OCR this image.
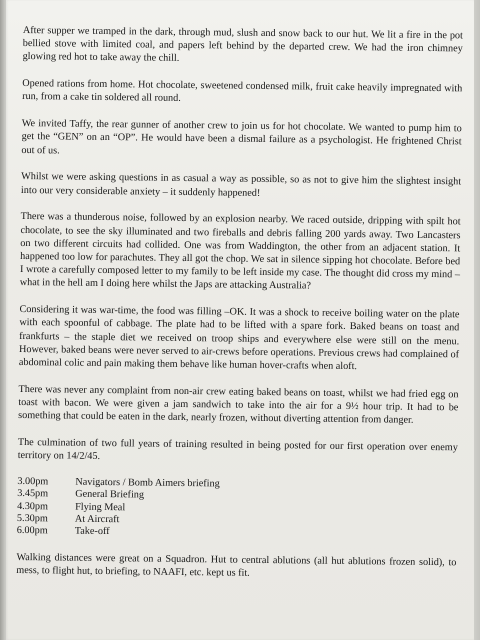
After supper we tramped in the dark, through mud, slush and snow back to our hut. We lit a fire in the pot bellied stove with limited coal, and papers left behind by the departed crew. We had the iron chimney glowing red hot to take away the chill.

Opened rations from home. Hot chocolate, sweetened condensed milk, fruit cake heavily impregnated with run, from a cake tin soldered all round.

We invited Taffy, the rear gunner of another crew to join us for hot chocolate. We wanted to pump him to get the “GEN” on an “OP”. He would have been a dismal failure as a psychologist. He frightened Christ out of us.

Whilst we were asking questions in as casual a way as possible, so as not to give him the slightest insight into our very considerable anxiety – it suddenly happened!

There was a thunderous noise, followed by an explosion nearby. We raced outside, dripping with spilt hot chocolate, to see the sky illuminated and two fireballs and debris falling 200 yards away. Two Lancasters on two different circuits had collided. One was from Waddington, the other from an adjacent station. It happened too low for parachutes. They all got the chop. We sat in silence sipping hot chocolate. Before bed I wrote a carefully composed letter to my family to be left inside my case. The thought did cross my mind – what in the hell am I doing here whilst the Japs are attacking Australia?

Considering it was war-time, the food was filling –OK. It was a shock to receive boiling water on the plate with each spoonful of cabbage. The plate had to be lifted with a spare fork. Baked beans on toast and frankfurts – the staple diet we received on troop ships and everywhere else were still on the menu. However, baked beans were never served to air-crews before operations. Previous crews had complained of abdominal colic and pain making them behave like human hover-crafts when aloft.

There was never any complaint from non-air crew eating baked beans on toast, whilst we had fried egg on toast with bacon. We were given a jam sandwich to take into the air for a 9½ hour trip. It had to be something that could be eaten in the dark, nearly frozen, without diverting attention from danger.

The culmination of two full years of training resulted in being posted for our first operation over enemy territory on 14/2/45.

3.00pm	Navigators / Bomb Aimers briefing
3.45pm	General Briefing
4.30pm	Flying Meal
5.30pm	At Aircraft
6.00pm	Take-off

Walking distances were great on a Squadron. Hut to central ablutions (all hut ablutions frozen solid), to mess, to flight hut, to briefing, to NAAFI, etc. kept us fit.
